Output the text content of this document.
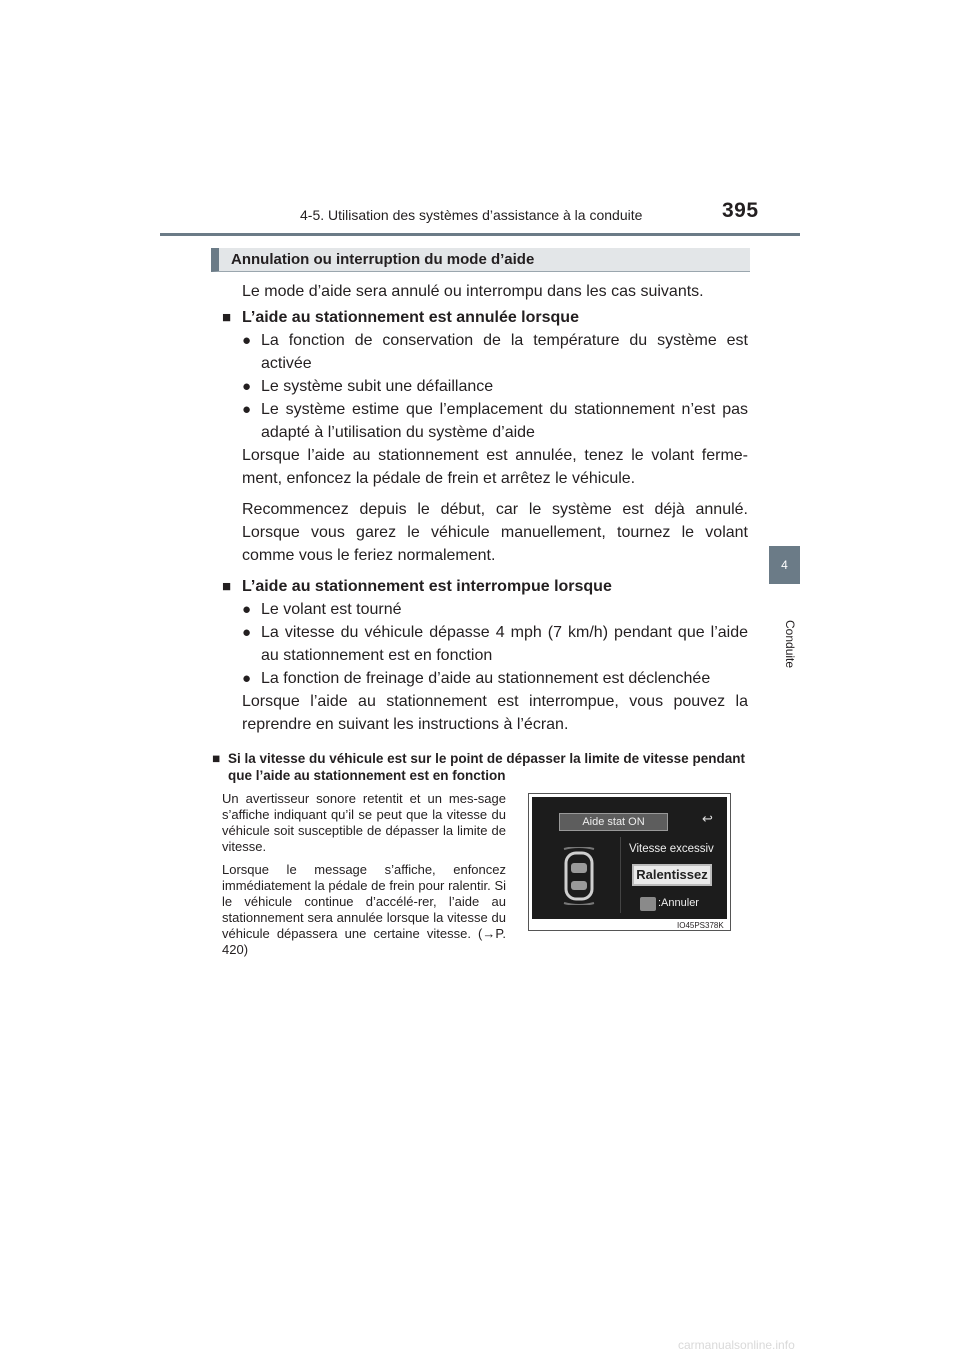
4-5. Utilisation des systèmes d’assistance à la conduite	395
4
Conduite
Annulation ou interruption du mode d’aide

Le mode d’aide sera annulé ou interrompu dans les cas suivants.

■ L’aide au stationnement est annulée lorsque

● La fonction de conservation de la température du système est activée

● Le système subit une défaillance

● Le système estime que l’emplacement du stationnement n’est pas adapté à l’utilisation du système d’aide

Lorsque l’aide au stationnement est annulée, tenez le volant ferme-ment, enfoncez la pédale de frein et arrêtez le véhicule.

Recommencez depuis le début, car le système est déjà annulé. Lorsque vous garez le véhicule manuellement, tournez le volant comme vous le feriez normalement.

■ L’aide au stationnement est interrompue lorsque

● Le volant est tourné

● La vitesse du véhicule dépasse 4 mph (7 km/h) pendant que l’aide au stationnement est en fonction

● La fonction de freinage d’aide au stationnement est déclenchée

Lorsque l’aide au stationnement est interrompue, vous pouvez la reprendre en suivant les instructions à l’écran.

■ Si la vitesse du véhicule est sur le point de dépasser la limite de vitesse pendant que l’aide au stationnement est en fonction

Un avertisseur sonore retentit et un mes-sage s’affiche indiquant qu’il se peut que la vitesse du véhicule soit susceptible de dépasser la limite de vitesse.

Lorsque le message s’affiche, enfoncez immédiatement la pédale de frein pour ralentir. Si le véhicule continue d’accélé-rer, l’aide au stationnement sera annulée lorsque la vitesse du véhicule dépassera une certaine vitesse. (→P. 420)

Aide stat ON	↩
Vitesse excessiv
Ralentissez
:Annuler
IO45PS378K
carmanualsonline.info
